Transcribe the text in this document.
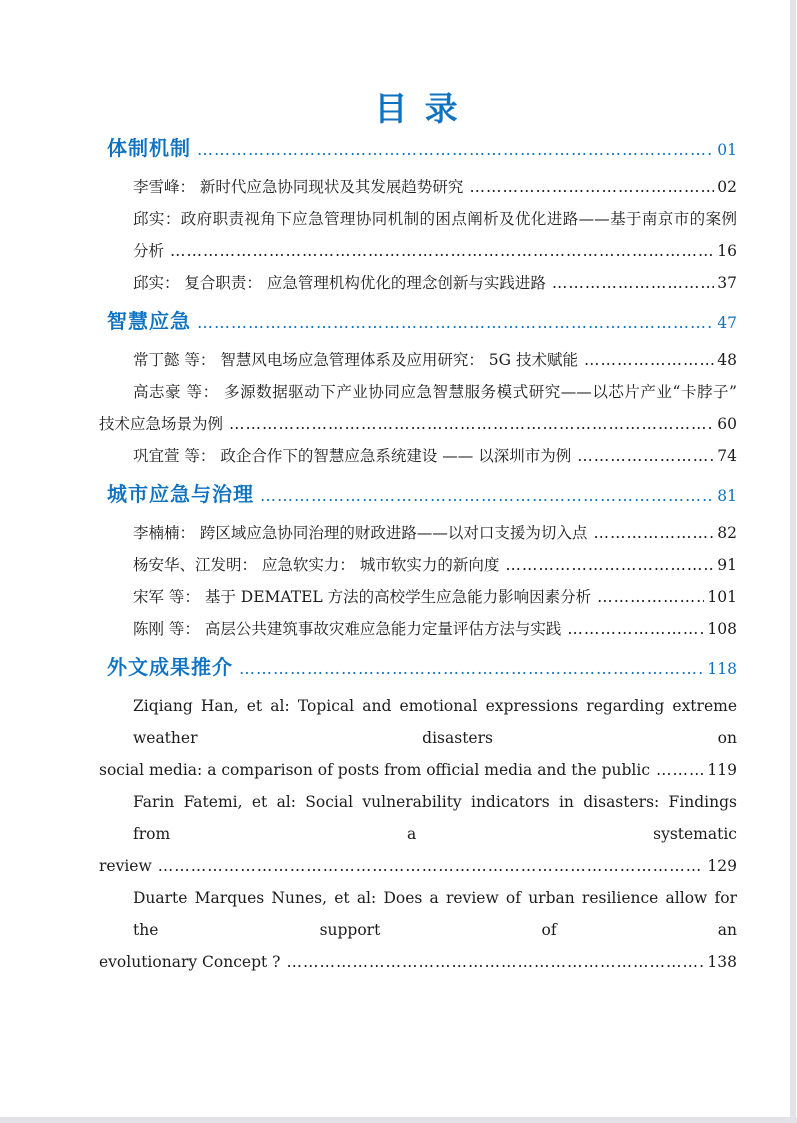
目 录
体制机制 …………………………………………………………………………………………………………………………………………	01
李雪峰： 新时代应急协同现状及其发展趋势研究 …………………………………………………………………………………………………………………………………………	02
邱实：政府职责视角下应急管理协同机制的困点阐析及优化进路——基于南京市的案例
分析 …………………………………………………………………………………………………………………………………………	16
邱实： 复合职责： 应急管理机构优化的理念创新与实践进路 …………………………………………………………………………………………………………………………………………	37
智慧应急 …………………………………………………………………………………………………………………………………………	47
常丁懿 等： 智慧风电场应急管理体系及应用研究： 5G 技术赋能 …………………………………………………………………………………………………………………………………………	48
高志豪 等： 多源数据驱动下产业协同应急智慧服务模式研究——以芯片产业“卡脖子”
技术应急场景为例 …………………………………………………………………………………………………………………………………………	60
巩宜萱 等： 政企合作下的智慧应急系统建设 —— 以深圳市为例 …………………………………………………………………………………………………………………………………………	74
城市应急与治理 …………………………………………………………………………………………………………………………………………	81
李楠楠： 跨区域应急协同治理的财政进路——以对口支援为切入点 …………………………………………………………………………………………………………………………………………	82
杨安华、江发明： 应急软实力： 城市软实力的新向度 …………………………………………………………………………………………………………………………………………	91
宋军 等： 基于 DEMATEL 方法的高校学生应急能力影响因素分析 …………………………………………………………………………………………………………………………………………	101
陈刚 等： 高层公共建筑事故灾难应急能力定量评估方法与实践 …………………………………………………………………………………………………………………………………………	108
外文成果推介 …………………………………………………………………………………………………………………………………………	118
Ziqiang Han, et al: Topical and emotional expressions regarding extreme weather disasters on
social media: a comparison of posts from official media and the public …………………………………………………………………………………………………………………………………………	119
Farin Fatemi, et al: Social vulnerability indicators in disasters: Findings from a systematic
review …………………………………………………………………………………………………………………………………………	129
Duarte Marques Nunes, et al: Does a review of urban resilience allow for the support of an
evolutionary Concept ? …………………………………………………………………………………………………………………………………………	138
